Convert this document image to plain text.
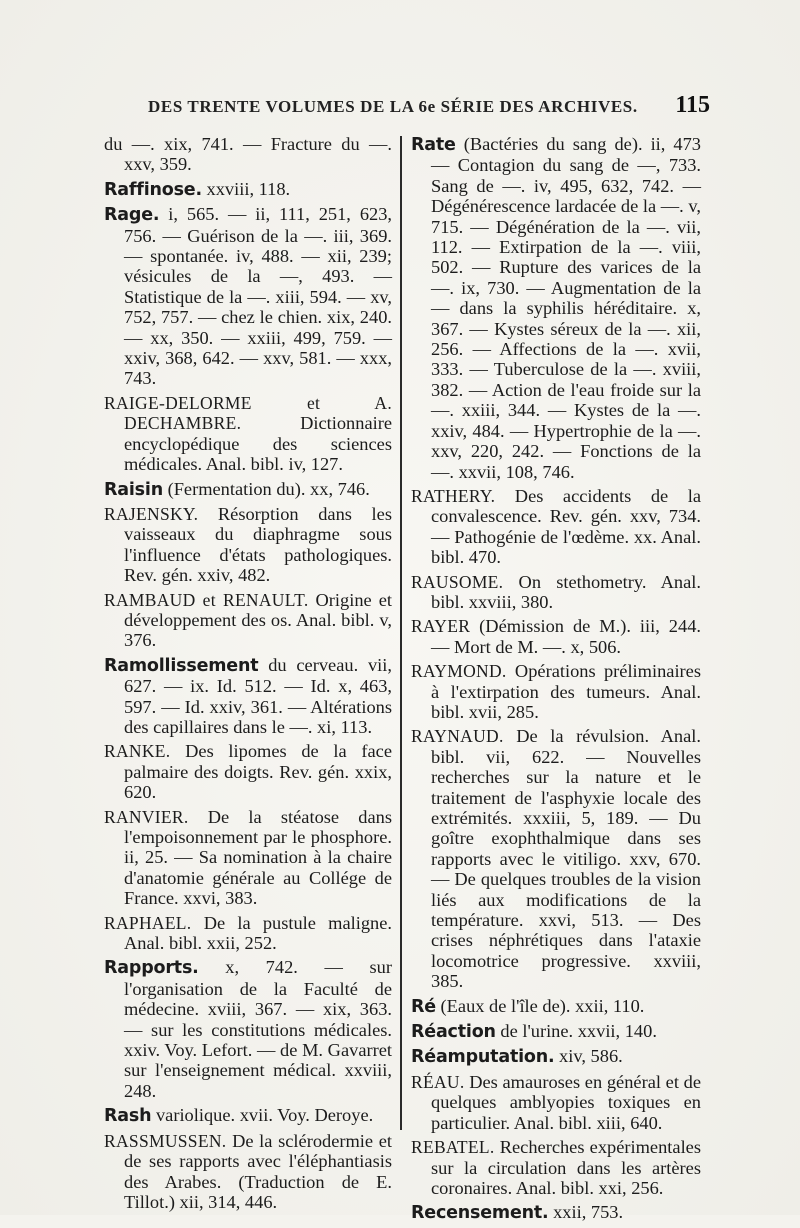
DES TRENTE VOLUMES DE LA 6e SÉRIE DES ARCHIVES. 115

du —. xix, 741. — Fracture du —. xxv, 359.

Raffinose. xxviii, 118.

Rage. i, 565. — ii, 111, 251, 623, 756. — Guérison de la —. iii, 369. — spontanée. iv, 488. — xii, 239; vésicules de la —, 493. — Statistique de la —. xiii, 594. — xv, 752, 757. — chez le chien. xix, 240. — xx, 350. — xxiii, 499, 759. — xxiv, 368, 642. — xxv, 581. — xxx, 743.

RAIGE-DELORME et A. DECHAMBRE. Dictionnaire encyclopédique des sciences médicales. Anal. bibl. iv, 127.

Raisin (Fermentation du). xx, 746.

RAJENSKY. Résorption dans les vaisseaux du diaphragme sous l'influence d'états pathologiques. Rev. gén. xxiv, 482.

RAMBAUD et RENAULT. Origine et développement des os. Anal. bibl. v, 376.

Ramollissement du cerveau. vii, 627. — ix. Id. 512. — Id. x, 463, 597. — Id. xxiv, 361. — Altérations des capillaires dans le —. xi, 113.

RANKE. Des lipomes de la face palmaire des doigts. Rev. gén. xxix, 620.

RANVIER. De la stéatose dans l'empoisonnement par le phosphore. ii, 25. — Sa nomination à la chaire d'anatomie générale au Collége de France. xxvi, 383.

RAPHAEL. De la pustule maligne. Anal. bibl. xxii, 252.

Rapports. x, 742. — sur l'organisation de la Faculté de médecine. xviii, 367. — xix, 363. — sur les constitutions médicales. xxiv. Voy. Lefort. — de M. Gavarret sur l'enseignement médical. xxviii, 248.

Rash variolique. xvii. Voy. Deroye.

RASSMUSSEN. De la sclérodermie et de ses rapports avec l'éléphantiasis des Arabes. (Traduction de E. Tillot.) xii, 314, 446.

Rate (Bactéries du sang de). ii, 473 — Contagion du sang de —, 733. Sang de —. iv, 495, 632, 742. — Dégénérescence lardacée de la —. v, 715. — Dégénération de la —. vii, 112. — Extirpation de la —. viii, 502. — Rupture des varices de la —. ix, 730. — Augmentation de la — dans la syphilis héréditaire. x, 367. — Kystes séreux de la —. xii, 256. — Affections de la —. xvii, 333. — Tuberculose de la —. xviii, 382. — Action de l'eau froide sur la —. xxiii, 344. — Kystes de la —. xxiv, 484. — Hypertrophie de la —. xxv, 220, 242. — Fonctions de la —. xxvii, 108, 746.

RATHERY. Des accidents de la convalescence. Rev. gén. xxv, 734. — Pathogénie de l'œdème. xx. Anal. bibl. 470.

RAUSOME. On stethometry. Anal. bibl. xxviii, 380.

RAYER (Démission de M.). iii, 244. — Mort de M. —. x, 506.

RAYMOND. Opérations préliminaires à l'extirpation des tumeurs. Anal. bibl. xvii, 285.

RAYNAUD. De la révulsion. Anal. bibl. vii, 622. — Nouvelles recherches sur la nature et le traitement de l'asphyxie locale des extrémités. xxxiii, 5, 189. — Du goître exophthalmique dans ses rapports avec le vitiligo. xxv, 670. — De quelques troubles de la vision liés aux modifications de la température. xxvi, 513. — Des crises néphrétiques dans l'ataxie locomotrice progressive. xxviii, 385.

Ré (Eaux de l'île de). xxii, 110.

Réaction de l'urine. xxvii, 140.

Réamputation. xiv, 586.

RÉAU. Des amauroses en général et de quelques amblyopies toxiques en particulier. Anal. bibl. xiii, 640.

REBATEL. Recherches expérimentales sur la circulation dans les artères coronaires. Anal. bibl. xxi, 256.

Recensement. xxii, 753.
